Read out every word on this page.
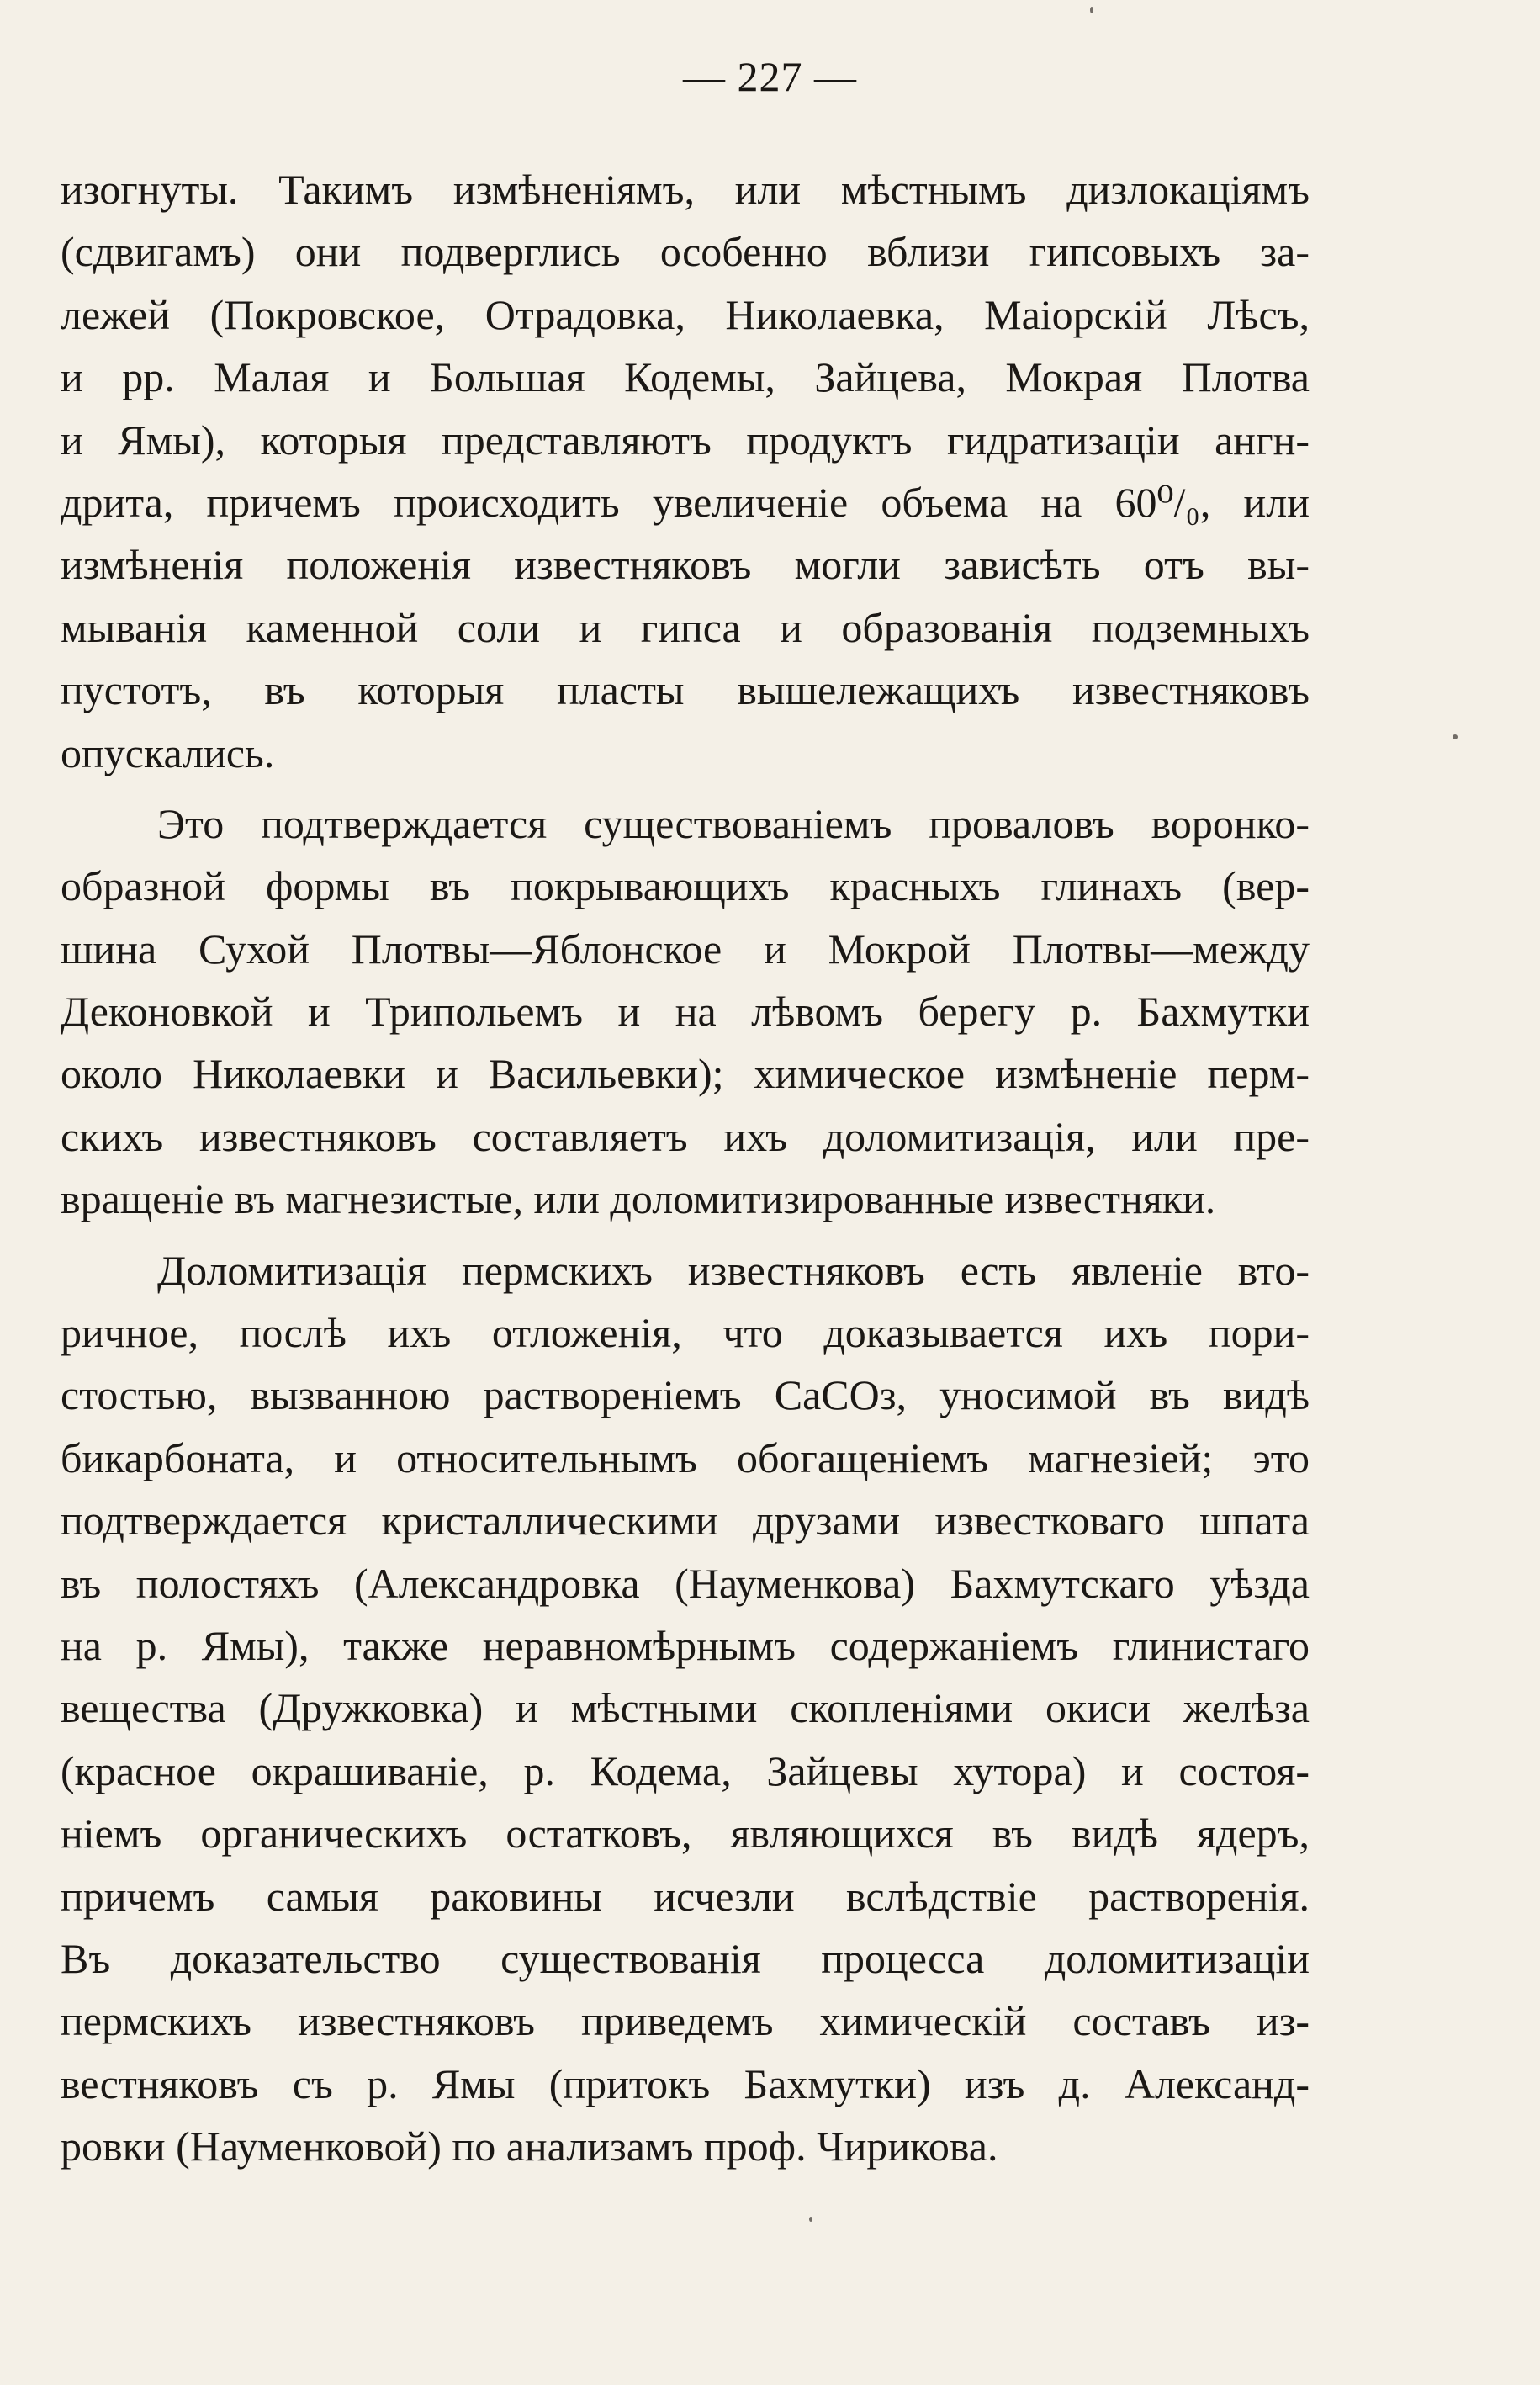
— 227 —
изогнуты. Такимъ измѣненіямъ, или мѣстнымъ дизлокаціямъ
(сдвигамъ) они подверглись особенно вблизи гипсовыхъ за-
лежей (Покровское, Отрадовка, Николаевка, Маіорскій Лѣсъ,
и рр. Малая и Большая Кодемы, Зайцева, Мокрая Плотва
и Ямы), которыя представляютъ продуктъ гидратизаціи ангн-
дрита, причемъ происходить увеличеніе объема на 60⁰/₀, или
измѣненія положенія известняковъ могли зависѣть отъ вы-
мыванія каменной соли и гипса и образованія подземныхъ
пустотъ, въ которыя пласты вышележащихъ известняковъ
опускались.
Это подтверждается существованіемъ проваловъ воронко-
образной формы въ покрывающихъ красныхъ глинахъ (вер-
шина Сухой Плотвы—Яблонское и Мокрой Плотвы—между
Деконовкой и Трипольемъ и на лѣвомъ берегу р. Бахмутки
около Николаевки и Васильевки); химическое измѣненіе перм-
скихъ известняковъ составляетъ ихъ доломитизація, или пре-
вращеніе въ магнезистые, или доломитизированные известняки.
Доломитизація пермскихъ известняковъ есть явленіе вто-
ричное, послѣ ихъ отложенія, что доказывается ихъ пори-
стостью, вызванною раствореніемъ СаСОз, уносимой въ видѣ
бикарбоната, и относительнымъ обогащеніемъ магнезіей; это
подтверждается кристаллическими друзами известковаго шпата
въ полостяхъ (Александровка (Науменкова) Бахмутскаго уѣзда
на р. Ямы), также неравномѣрнымъ содержаніемъ глинистаго
вещества (Дружковка) и мѣстными скопленіями окиси желѣза
(красное окрашиваніе, р. Кодема, Зайцевы хутора) и состоя-
ніемъ органическихъ остатковъ, являющихся въ видѣ ядеръ,
причемъ самыя раковины исчезли вслѣдствіе растворенія.
Въ доказательство существованія процесса доломитизаціи
пермскихъ известняковъ приведемъ химическій составъ из-
вестняковъ съ р. Ямы (притокъ Бахмутки) изъ д. Александ-
ровки (Науменковой) по анализамъ проф. Чирикова.
